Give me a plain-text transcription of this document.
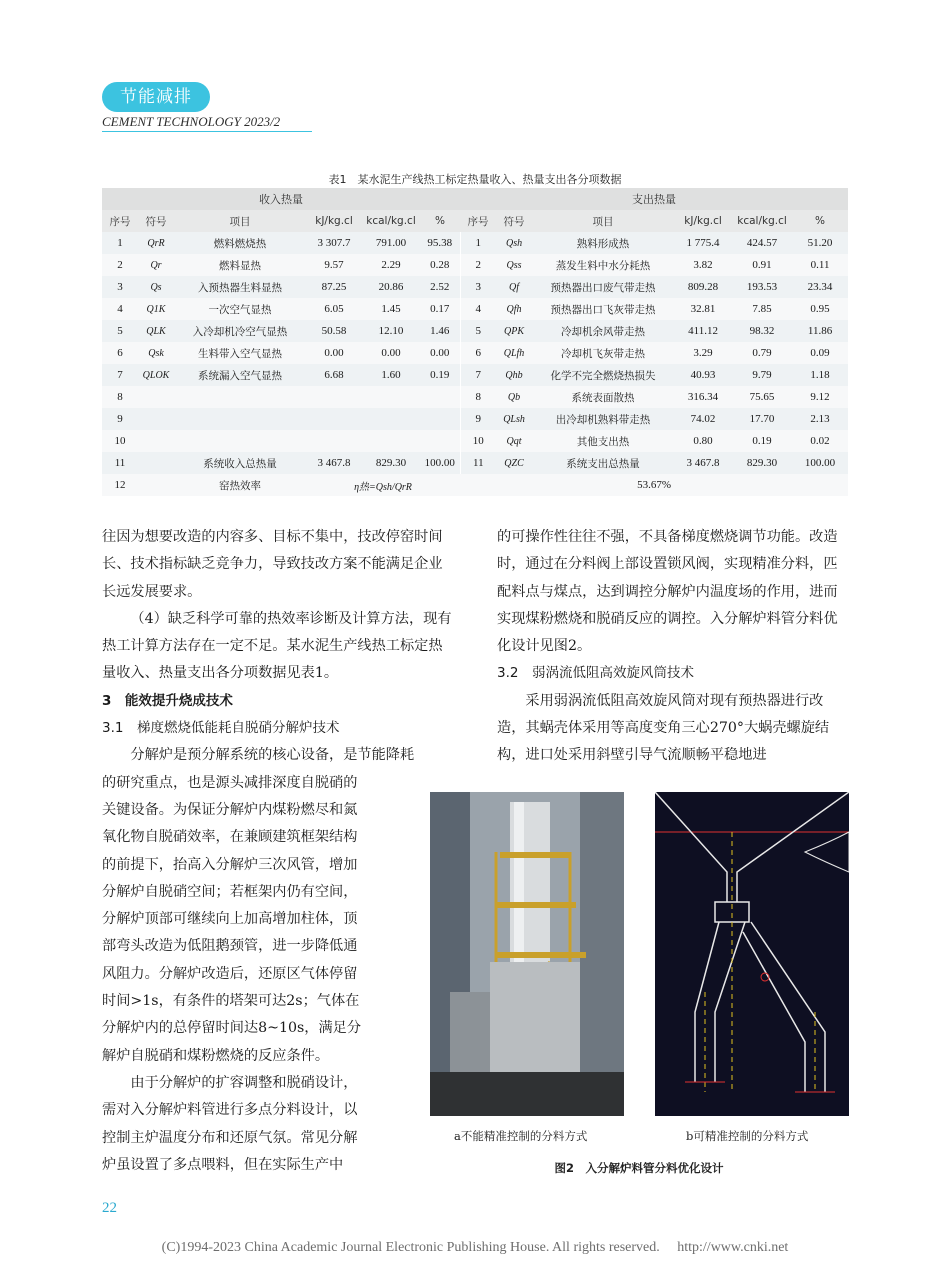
节能减排
CEMENT TECHNOLOGY 2023/2
表1　某水泥生产线热工标定热量收入、热量支出各分项数据
收入热量						支出热量					
序号	符号	项目	kJ/kg.cl	kcal/kg.cl	%	序号	符号	项目	kJ/kg.cl	kcal/kg.cl	%
1	QrR	燃料燃烧热	3 307.7	791.00	95.38	1	Qsh	熟料形成热	1 775.4	424.57	51.20
2	Qr	燃料显热	9.57	2.29	0.28	2	Qss	蒸发生料中水分耗热	3.82	0.91	0.11
3	Qs	入预热器生料显热	87.25	20.86	2.52	3	Qf	预热器出口废气带走热	809.28	193.53	23.34
4	Q1K	一次空气显热	6.05	1.45	0.17	4	Qfh	预热器出口飞灰带走热	32.81	7.85	0.95
5	QLK	入冷却机冷空气显热	50.58	12.10	1.46	5	QPK	冷却机余风带走热	411.12	98.32	11.86
6	Qsk	生料带入空气显热	0.00	0.00	0.00	6	QLfh	冷却机飞灰带走热	3.29	0.79	0.09
7	QLOK	系统漏入空气显热	6.68	1.60	0.19	7	Qhb	化学不完全燃烧热损失	40.93	9.79	1.18
8						8	Qb	系统表面散热	316.34	75.65	9.12
9						9	QLsh	出冷却机熟料带走热	74.02	17.70	2.13
10						10	Qqt	其他支出热	0.80	0.19	0.02
11		系统收入总热量	3 467.8	829.30	100.00	11	QZC	系统支出总热量	3 467.8	829.30	100.00
12		窑热效率	η热=Qsh/QrR			53.67%					

往因为想要改造的内容多、目标不集中，技改停窑时间长、技术指标缺乏竞争力，导致技改方案不能满足企业长远发展要求。

（4）缺乏科学可靠的热效率诊断及计算方法，现有热工计算方法存在一定不足。某水泥生产线热工标定热量收入、热量支出各分项数据见表1。

3　能效提升烧成技术

3.1　梯度燃烧低能耗自脱硝分解炉技术

分解炉是预分解系统的核心设备，是节能降耗

的研究重点，也是源头减排深度自脱硝的关键设备。为保证分解炉内煤粉燃尽和氮氧化物自脱硝效率，在兼顾建筑框架结构的前提下，抬高入分解炉三次风管，增加分解炉自脱硝空间；若框架内仍有空间，分解炉顶部可继续向上加高增加柱体，顶部弯头改造为低阻鹅颈管，进一步降低通风阻力。分解炉改造后，还原区气体停留时间>1s，有条件的塔架可达2s；气体在分解炉内的总停留时间达8~10s，满足分解炉自脱硝和煤粉燃烧的反应条件。

由于分解炉的扩容调整和脱硝设计，需对入分解炉料管进行多点分料设计，以控制主炉温度分布和还原气氛。常见分解炉虽设置了多点喂料，但在实际生产中

的可操作性往往不强，不具备梯度燃烧调节功能。改造时，通过在分料阀上部设置锁风阀，实现精准分料，匹配料点与煤点，达到调控分解炉内温度场的作用，进而实现煤粉燃烧和脱硝反应的调控。入分解炉料管分料优化设计见图2。

3.2　弱涡流低阻高效旋风筒技术

采用弱涡流低阻高效旋风筒对现有预热器进行改造，其蜗壳体采用等高度变角三心270°大蜗壳螺旋结构，进口处采用斜壁引导气流顺畅平稳地进

a不能精准控制的分料方式	b可精准控制的分料方式
图2　入分解炉料管分料优化设计
22
(C)1994-2023 China Academic Journal Electronic Publishing House. All rights reserved.　 http://www.cnki.net
